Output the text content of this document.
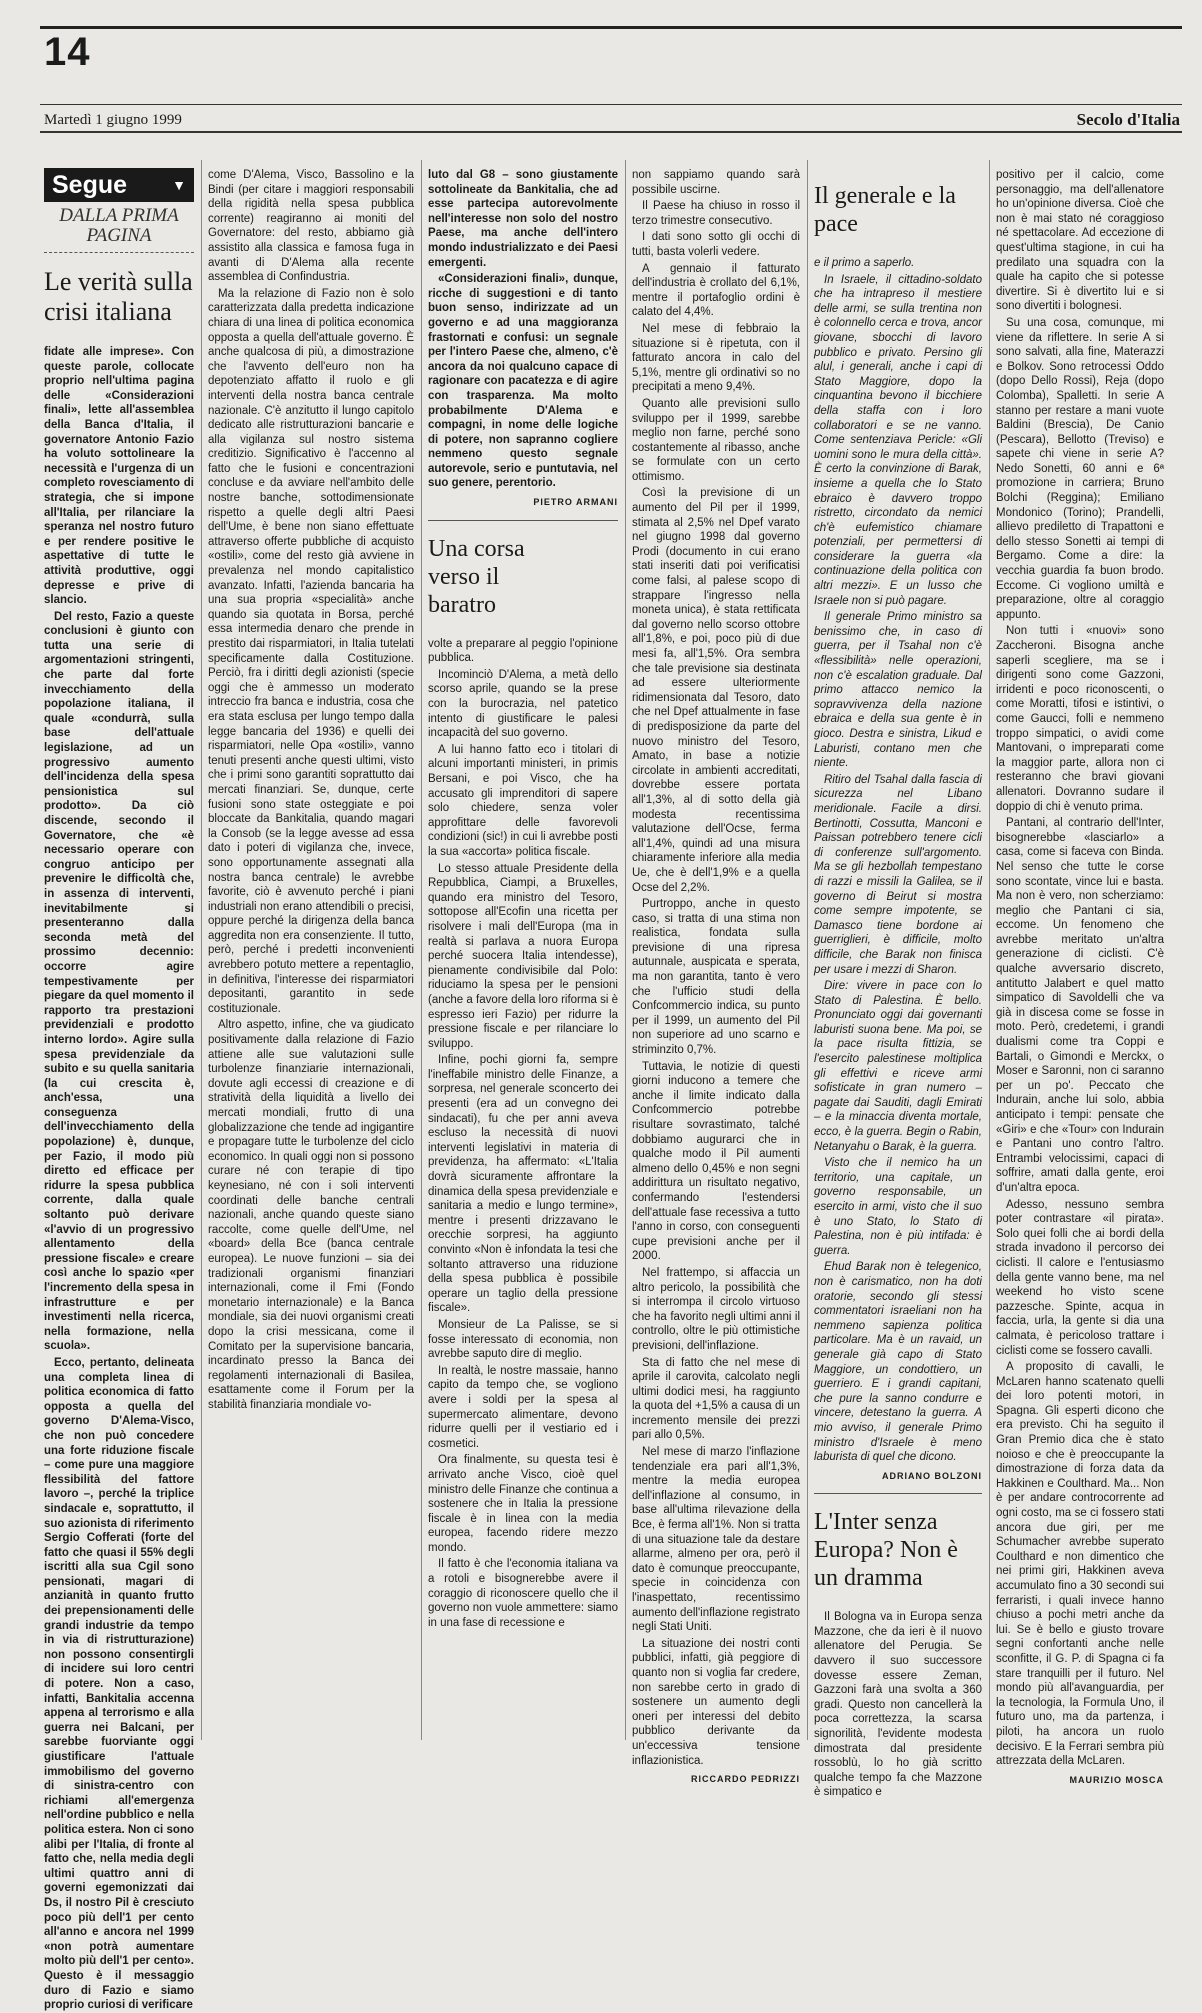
14
Martedì 1 giugno 1999	Secolo d'Italia
Segue	▼
DALLA PRIMA PAGINA
Le verità sulla crisi italiana

fidate alle imprese». Con queste parole, collocate proprio nell'ultima pagina delle «Considerazioni finali», lette all'assemblea della Banca d'Italia, il governatore Antonio Fazio ha voluto sottolineare la necessità e l'urgenza di un completo rovesciamento di strategia, che si impone all'Italia, per rilanciare la speranza nel nostro futuro e per rendere positive le aspettative di tutte le attività produttive, oggi depresse e prive di slancio.

Del resto, Fazio a queste conclusioni è giunto con tutta una serie di argomentazioni stringenti, che parte dal forte invecchiamento della popolazione italiana, il quale «condurrà, sulla base dell'attuale legislazione, ad un progressivo aumento dell'incidenza della spesa pensionistica sul prodotto». Da ciò discende, secondo il Governatore, che «è necessario operare con congruo anticipo per prevenire le difficoltà che, in assenza di interventi, inevitabilmente si presenteranno dalla seconda metà del prossimo decennio: occorre agire tempestivamente per piegare da quel momento il rapporto tra prestazioni previdenziali e prodotto interno lordo». Agire sulla spesa previdenziale da subito e su quella sanitaria (la cui crescita è, anch'essa, una conseguenza dell'invecchiamento della popolazione) è, dunque, per Fazio, il modo più diretto ed efficace per ridurre la spesa pubblica corrente, dalla quale soltanto può derivare «l'avvio di un progressivo allentamento della pressione fiscale» e creare così anche lo spazio «per l'incremento della spesa in infrastrutture e per investimenti nella ricerca, nella formazione, nella scuola».

Ecco, pertanto, delineata una completa linea di politica economica di fatto opposta a quella del governo D'Alema-Visco, che non può concedere una forte riduzione fiscale – come pure una maggiore flessibilità del fattore lavoro –, perché la triplice sindacale e, soprattutto, il suo azionista di riferimento Sergio Cofferati (forte del fatto che quasi il 55% degli iscritti alla sua Cgil sono pensionati, magari di anzianità in quanto frutto dei prepensionamenti delle grandi industrie da tempo in via di ristrutturazione) non possono consentirgli di incidere sui loro centri di potere. Non a caso, infatti, Bankitalia accenna appena al terrorismo e alla guerra nei Balcani, per sarebbe fuorviante oggi giustificare l'attuale immobilismo del governo di sinistra-centro con richiami all'emergenza nell'ordine pubblico e nella politica estera. Non ci sono alibi per l'Italia, di fronte al fatto che, nella media degli ultimi quattro anni di governi egemonizzati dai Ds, il nostro Pil è cresciuto poco più dell'1 per cento all'anno e ancora nel 1999 «non potrà aumentare molto più dell'1 per cento». Questo è il messaggio duro di Fazio e siamo proprio curiosi di verificare

come D'Alema, Visco, Bassolino e la Bindi (per citare i maggiori responsabili della rigidità nella spesa pubblica corrente) reagiranno ai moniti del Governatore: del resto, abbiamo già assistito alla classica e famosa fuga in avanti di D'Alema alla recente assemblea di Confindustria.

Ma la relazione di Fazio non è solo caratterizzata dalla predetta indicazione chiara di una linea di politica economica opposta a quella dell'attuale governo. È anche qualcosa di più, a dimostrazione che l'avvento dell'euro non ha depotenziato affatto il ruolo e gli interventi della nostra banca centrale nazionale. C'è anzitutto il lungo capitolo dedicato alle ristrutturazioni bancarie e alla vigilanza sul nostro sistema creditizio. Significativo è l'accenno al fatto che le fusioni e concentrazioni concluse e da avviare nell'ambito delle nostre banche, sottodimensionate rispetto a quelle degli altri Paesi dell'Ume, è bene non siano effettuate attraverso offerte pubbliche di acquisto «ostili», come del resto già avviene in prevalenza nel mondo capitalistico avanzato. Infatti, l'azienda bancaria ha una sua propria «specialità» anche quando sia quotata in Borsa, perché essa intermedia denaro che prende in prestito dai risparmiatori, in Italia tutelati specificamente dalla Costituzione. Perciò, fra i diritti degli azionisti (specie oggi che è ammesso un moderato intreccio fra banca e industria, cosa che era stata esclusa per lungo tempo dalla legge bancaria del 1936) e quelli dei risparmiatori, nelle Opa «ostili», vanno tenuti presenti anche questi ultimi, visto che i primi sono garantiti soprattutto dai mercati finanziari. Se, dunque, certe fusioni sono state osteggiate e poi bloccate da Bankitalia, quando magari la Consob (se la legge avesse ad essa dato i poteri di vigilanza che, invece, sono opportunamente assegnati alla nostra banca centrale) le avrebbe favorite, ciò è avvenuto perché i piani industriali non erano attendibili o precisi, oppure perché la dirigenza della banca aggredita non era consenziente. Il tutto, però, perché i predetti inconvenienti avrebbero potuto mettere a repentaglio, in definitiva, l'interesse dei risparmiatori depositanti, garantito in sede costituzionale.

Altro aspetto, infine, che va giudicato positivamente dalla relazione di Fazio attiene alle sue valutazioni sulle turbolenze finanziarie internazionali, dovute agli eccessi di creazione e di stratività della liquidità a livello dei mercati mondiali, frutto di una globalizzazione che tende ad ingigantire e propagare tutte le turbolenze del ciclo economico. In quali oggi non si possono curare né con terapie di tipo keynesiano, né con i soli interventi coordinati delle banche centrali nazionali, anche quando queste siano raccolte, come quelle dell'Ume, nel «board» della Bce (banca centrale europea). Le nuove funzioni – sia dei tradizionali organismi finanziari internazionali, come il Fmi (Fondo monetario internazionale) e la Banca mondiale, sia dei nuovi organismi creati dopo la crisi messicana, come il Comitato per la supervisione bancaria, incardinato presso la Banca dei regolamenti internazionali di Basilea, esattamente come il Forum per la stabilità finanziaria mondiale vo-

luto dal G8 – sono giustamente sottolineate da Bankitalia, che ad esse partecipa autorevolmente nell'interesse non solo del nostro Paese, ma anche dell'intero mondo industrializzato e dei Paesi emergenti.

«Considerazioni finali», dunque, ricche di suggestioni e di tanto buon senso, indirizzate ad un governo e ad una maggioranza frastornati e confusi: un segnale per l'intero Paese che, almeno, c'è ancora da noi qualcuno capace di ragionare con pacatezza e di agire con trasparenza. Ma molto probabilmente D'Alema e compagni, in nome delle logiche di potere, non sapranno cogliere nemmeno questo segnale autorevole, serio e puntutavia, nel suo genere, perentorio.

PIETRO ARMANI
Una corsa verso il baratro

volte a preparare al peggio l'opinione pubblica.

Incominciò D'Alema, a metà dello scorso aprile, quando se la prese con la burocrazia, nel patetico intento di giustificare le palesi incapacità del suo governo.

A lui hanno fatto eco i titolari di alcuni importanti ministeri, in primis Bersani, e poi Visco, che ha accusato gli imprenditori di sapere solo chiedere, senza voler approfittare delle favorevoli condizioni (sic!) in cui li avrebbe posti la sua «accorta» politica fiscale.

Lo stesso attuale Presidente della Repubblica, Ciampi, a Bruxelles, quando era ministro del Tesoro, sottopose all'Ecofin una ricetta per risolvere i mali dell'Europa (ma in realtà si parlava a nuora Europa perché suocera Italia intendesse), pienamente condivisibile dal Polo: riduciamo la spesa per le pensioni (anche a favore della loro riforma si è espresso ieri Fazio) per ridurre la pressione fiscale e per rilanciare lo sviluppo.

Infine, pochi giorni fa, sempre l'ineffabile ministro delle Finanze, a sorpresa, nel generale sconcerto dei presenti (era ad un convegno dei sindacati), fu che per anni aveva escluso la necessità di nuovi interventi legislativi in materia di previdenza, ha affermato: «L'Italia dovrà sicuramente affrontare la dinamica della spesa previdenziale e sanitaria a medio e lungo termine», mentre i presenti drizzavano le orecchie sorpresi, ha aggiunto convinto «Non è infondata la tesi che soltanto attraverso una riduzione della spesa pubblica è possibile operare un taglio della pressione fiscale».

Monsieur de La Palisse, se si fosse interessato di economia, non avrebbe saputo dire di meglio.

In realtà, le nostre massaie, hanno capito da tempo che, se vogliono avere i soldi per la spesa al supermercato alimentare, devono ridurre quelli per il vestiario ed i cosmetici.

Ora finalmente, su questa tesi è arrivato anche Visco, cioè quel ministro delle Finanze che continua a sostenere che in Italia la pressione fiscale è in linea con la media europea, facendo ridere mezzo mondo.

Il fatto è che l'economia italiana va a rotoli e bisognerebbe avere il coraggio di riconoscere quello che il governo non vuole ammettere: siamo in una fase di recessione e

non sappiamo quando sarà possibile uscirne.

Il Paese ha chiuso in rosso il terzo trimestre consecutivo.

I dati sono sotto gli occhi di tutti, basta volerli vedere.

A gennaio il fatturato dell'industria è crollato del 6,1%, mentre il portafoglio ordini è calato del 4,4%.

Nel mese di febbraio la situazione si è ripetuta, con il fatturato ancora in calo del 5,1%, mentre gli ordinativi so no precipitati a meno 9,4%.

Quanto alle previsioni sullo sviluppo per il 1999, sarebbe meglio non farne, perché sono costantemente al ribasso, anche se formulate con un certo ottimismo.

Così la previsione di un aumento del Pil per il 1999, stimata al 2,5% nel Dpef varato nel giugno 1998 dal governo Prodi (documento in cui erano stati inseriti dati poi verificatisi come falsi, al palese scopo di strappare l'ingresso nella moneta unica), è stata rettificata dal governo nello scorso ottobre all'1,8%, e poi, poco più di due mesi fa, all'1,5%. Ora sembra che tale previsione sia destinata ad essere ulteriormente ridimensionata dal Tesoro, dato che nel Dpef attualmente in fase di predisposizione da parte del nuovo ministro del Tesoro, Amato, in base a notizie circolate in ambienti accreditati, dovrebbe essere portata all'1,3%, al di sotto della già modesta recentissima valutazione dell'Ocse, ferma all'1,4%, quindi ad una misura chiaramente inferiore alla media Ue, che è dell'1,9% e a quella Ocse del 2,2%.

Purtroppo, anche in questo caso, si tratta di una stima non realistica, fondata sulla previsione di una ripresa autunnale, auspicata e sperata, ma non garantita, tanto è vero che l'ufficio studi della Confcommercio indica, su punto per il 1999, un aumento del Pil non superiore ad uno scarno e striminzito 0,7%.

Tuttavia, le notizie di questi giorni inducono a temere che anche il limite indicato dalla Confcommercio potrebbe risultare sovrastimato, talché dobbiamo augurarci che in qualche modo il Pil aumenti almeno dello 0,45% e non segni addirittura un risultato negativo, confermando l'estendersi dell'attuale fase recessiva a tutto l'anno in corso, con conseguenti cupe previsioni anche per il 2000.

Nel frattempo, si affaccia un altro pericolo, la possibilità che si interrompa il circolo virtuoso che ha favorito negli ultimi anni il controllo, oltre le più ottimistiche previsioni, dell'inflazione.

Sta di fatto che nel mese di aprile il carovita, calcolato negli ultimi dodici mesi, ha raggiunto la quota del +1,5% a causa di un incremento mensile dei prezzi pari allo 0,5%.

Nel mese di marzo l'inflazione tendenziale era pari all'1,3%, mentre la media europea dell'inflazione al consumo, in base all'ultima rilevazione della Bce, è ferma all'1%. Non si tratta di una situazione tale da destare allarme, almeno per ora, però il dato è comunque preoccupante, specie in coincidenza con l'inaspettato, recentissimo aumento dell'inflazione registrato negli Stati Uniti.

La situazione dei nostri conti pubblici, infatti, già peggiore di quanto non si voglia far credere, non sarebbe certo in grado di sostenere un aumento degli oneri per interessi del debito pubblico derivante da un'eccessiva tensione inflazionistica.

RICCARDO PEDRIZZI
Il generale e la pace

e il primo a saperlo.

In Israele, il cittadino-soldato che ha intrapreso il mestiere delle armi, se sulla trentina non è colonnello cerca e trova, ancor giovane, sbocchi di lavoro pubblico e privato. Persino gli alul, i generali, anche i capi di Stato Maggiore, dopo la cinquantina bevono il bicchiere della staffa con i loro collaboratori e se ne vanno. Come sentenziava Pericle: «Gli uomini sono le mura della città». È certo la convinzione di Barak, insieme a quella che lo Stato ebraico è davvero troppo ristretto, circondato da nemici ch'è eufemistico chiamare potenziali, per permettersi di considerare la guerra «la continuazione della politica con altri mezzi». E un lusso che Israele non si può pagare.

Il generale Primo ministro sa benissimo che, in caso di guerra, per il Tsahal non c'è «flessibilità» nelle operazioni, non c'è escalation graduale. Dal primo attacco nemico la sopravvivenza della nazione ebraica e della sua gente è in gioco. Destra e sinistra, Likud e Laburisti, contano men che niente.

Ritiro del Tsahal dalla fascia di sicurezza nel Libano meridionale. Facile a dirsi. Bertinotti, Cossutta, Manconi e Paissan potrebbero tenere cicli di conferenze sull'argomento. Ma se gli hezbollah tempestano di razzi e missili la Galilea, se il governo di Beirut si mostra come sempre impotente, se Damasco tiene bordone ai guerriglieri, è difficile, molto difficile, che Barak non finisca per usare i mezzi di Sharon.

Dire: vivere in pace con lo Stato di Palestina. È bello. Pronunciato oggi dai governanti laburisti suona bene. Ma poi, se la pace risulta fittizia, se l'esercito palestinese moltiplica gli effettivi e riceve armi sofisticate in gran numero – pagate dai Sauditi, dagli Emirati – e la minaccia diventa mortale, ecco, è la guerra. Begin o Rabin, Netanyahu o Barak, è la guerra.

Visto che il nemico ha un territorio, una capitale, un governo responsabile, un esercito in armi, visto che il suo è uno Stato, lo Stato di Palestina, non è più intifada: è guerra.

Ehud Barak non è telegenico, non è carismatico, non ha doti oratorie, secondo gli stessi commentatori israeliani non ha nemmeno sapienza politica particolare. Ma è un ravaid, un generale già capo di Stato Maggiore, un condottiero, un guerriero. E i grandi capitani, che pure la sanno condurre e vincere, detestano la guerra. A mio avviso, il generale Primo ministro d'Israele è meno laburista di quel che dicono.

ADRIANO BOLZONI
L'Inter senza Europa? Non è un dramma

Il Bologna va in Europa senza Mazzone, che da ieri è il nuovo allenatore del Perugia. Se davvero il suo successore dovesse essere Zeman, Gazzoni farà una svolta a 360 gradi. Questo non cancellerà la poca correttezza, la scarsa signorilità, l'evidente modesta dimostrata dal presidente rossoblù, lo ho già scritto qualche tempo fa che Mazzone è simpatico e

positivo per il calcio, come personaggio, ma dell'allenatore ho un'opinione diversa. Cioè che non è mai stato né coraggioso né spettacolare. Ad eccezione di quest'ultima stagione, in cui ha predilato una squadra con la quale ha capito che si potesse divertire. Si è divertito lui e si sono divertiti i bolognesi.

Su una cosa, comunque, mi viene da riflettere. In serie A si sono salvati, alla fine, Materazzi e Bolkov. Sono retrocessi Oddo (dopo Dello Rossi), Reja (dopo Colomba), Spalletti. In serie A stanno per restare a mani vuote Baldini (Brescia), De Canio (Pescara), Bellotto (Treviso) e sapete chi viene in serie A? Nedo Sonetti, 60 anni e 6ª promozione in carriera; Bruno Bolchi (Reggina); Emiliano Mondonico (Torino); Prandelli, allievo prediletto di Trapattoni e dello stesso Sonetti ai tempi di Bergamo. Come a dire: la vecchia guardia fa buon brodo. Eccome. Ci vogliono umiltà e preparazione, oltre al coraggio appunto.

Non tutti i «nuovi» sono Zaccheroni. Bisogna anche saperli scegliere, ma se i dirigenti sono come Gazzoni, irridenti e poco riconoscenti, o come Moratti, tifosi e istintivi, o come Gaucci, folli e nemmeno troppo simpatici, o avidi come Mantovani, o impreparati come la maggior parte, allora non ci resteranno che bravi giovani allenatori. Dovranno sudare il doppio di chi è venuto prima.

Pantani, al contrario dell'Inter, bisognerebbe «lasciarlo» a casa, come si faceva con Binda. Nel senso che tutte le corse sono scontate, vince lui e basta. Ma non è vero, non scherziamo: meglio che Pantani ci sia, eccome. Un fenomeno che avrebbe meritato un'altra generazione di ciclisti. C'è qualche avversario discreto, antitutto Jalabert e quel matto simpatico di Savoldelli che va già in discesa come se fosse in moto. Però, credetemi, i grandi dualismi come tra Coppi e Bartali, o Gimondi e Merckx, o Moser e Saronni, non ci saranno per un po'. Peccato che Indurain, anche lui solo, abbia anticipato i tempi: pensate che «Giri» e che «Tour» con Indurain e Pantani uno contro l'altro. Entrambi velocissimi, capaci di soffrire, amati dalla gente, eroi d'un'altra epoca.

Adesso, nessuno sembra poter contrastare «il pirata». Solo quei folli che ai bordi della strada invadono il percorso dei ciclisti. Il calore e l'entusiasmo della gente vanno bene, ma nel weekend ho visto scene pazzesche. Spinte, acqua in faccia, urla, la gente si dia una calmata, è pericoloso trattare i ciclisti come se fossero cavalli.

A proposito di cavalli, le McLaren hanno scatenato quelli dei loro potenti motori, in Spagna. Gli esperti dicono che era previsto. Chi ha seguito il Gran Premio dica che è stato noioso e che è preoccupante la dimostrazione di forza data da Hakkinen e Coulthard. Ma... Non è per andare controcorrente ad ogni costo, ma se ci fossero stati ancora due giri, per me Schumacher avrebbe superato Coulthard e non dimentico che nei primi giri, Hakkinen aveva accumulato fino a 30 secondi sui ferraristi, i quali invece hanno chiuso a pochi metri anche da lui. Se è bello e giusto trovare segni confortanti anche nelle sconfitte, il G. P. di Spagna ci fa stare tranquilli per il futuro. Nel mondo più all'avanguardia, per la tecnologia, la Formula Uno, il futuro uno, ma da partenza, i piloti, ha ancora un ruolo decisivo. E la Ferrari sembra più attrezzata della McLaren.

MAURIZIO MOSCA
